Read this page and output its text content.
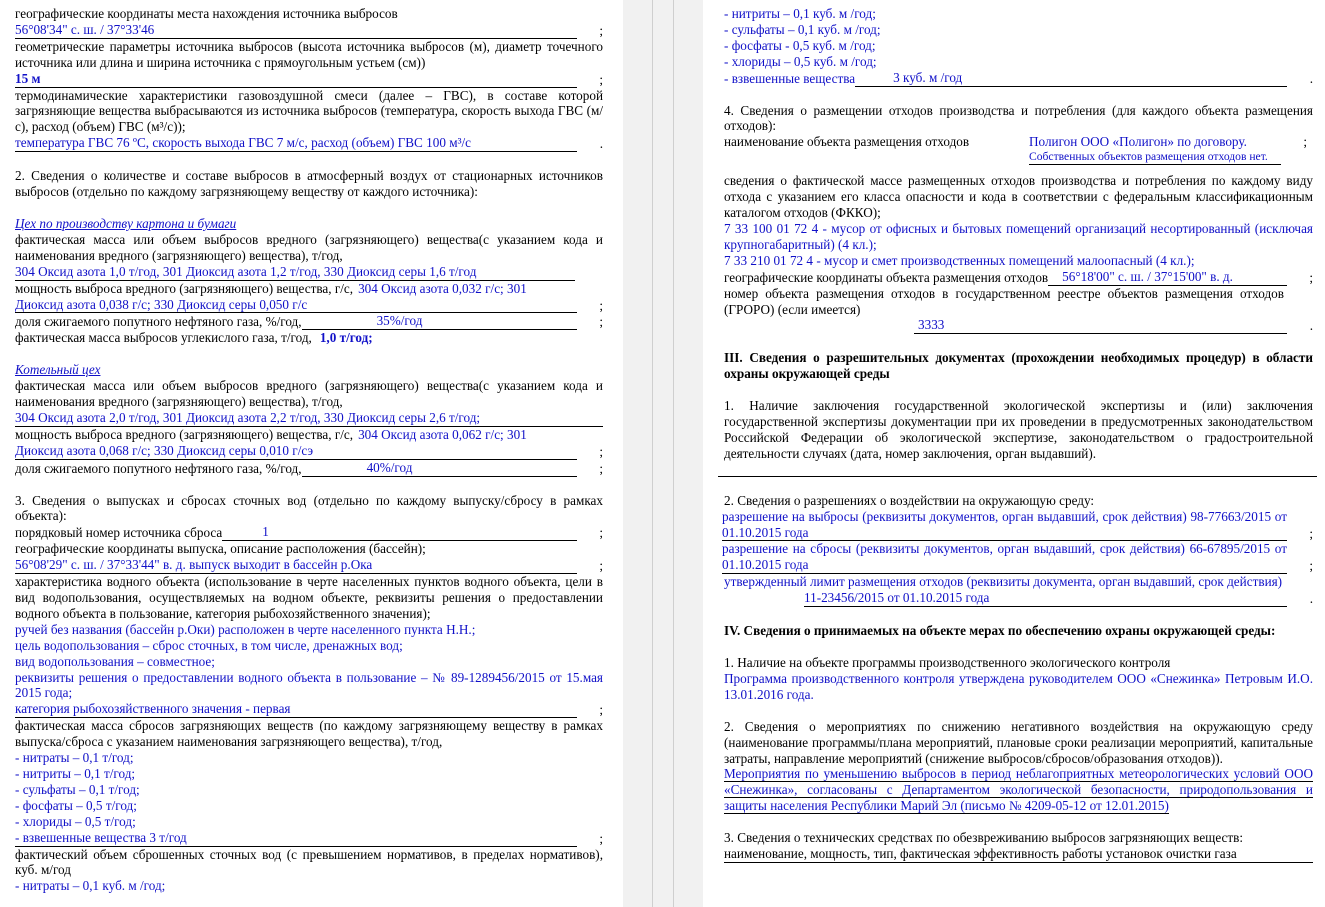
географические координаты места нахождения источника выбросов

56°08'34" с. ш. / 37°33'46	;

геометрические параметры источника выбросов (высота источника выбросов (м), диаметр точечного источника или длина и ширина источника с прямоугольным устьем (см))

15 м	;

термодинамические характеристики газовоздушной смеси (далее – ГВС), в составе которой загрязняющие вещества выбрасываются из источника выбросов (температура, скорость выхода ГВС (м/с), расход (объем) ГВС (м³/с));

температура ГВС 76 ºС, скорость выхода ГВС 7 м/с, расход (объем) ГВС 100 м³/с	.

2. Сведения о количестве и составе выбросов в атмосферный воздух от стационарных источников выбросов (отдельно по каждому загрязняющему веществу от каждого источника):

Цех по производству картона и бумаги

фактическая масса или объем выбросов вредного (загрязняющего) вещества(с указанием кода и наименования вредного (загрязняющего) вещества), т/год,

304 Оксид азота 1,0 т/год, 301 Диоксид азота 1,2 т/год, 330 Диоксид серы 1,6 т/год

мощность выброса вредного (загрязняющего) вещества, г/с, 304 Оксид азота 0,032 г/с; 301
Диоксид азота 0,038 г/с; 330 Диоксид серы 0,050 г/с	;
доля сжигаемого попутного нефтяного газа, %/год,	35%/год	;
фактическая масса выбросов углекислого газа, т/год, 1,0 т/год;

Котельный цех

фактическая масса или объем выбросов вредного (загрязняющего) вещества(с указанием кода и наименования вредного (загрязняющего) вещества), т/год,

304 Оксид азота 2,0 т/год, 301 Диоксид азота 2,2 т/год, 330 Диоксид серы 2,6 т/год;

мощность выброса вредного (загрязняющего) вещества, г/с, 304 Оксид азота 0,062 г/с; 301
Диоксид азота 0,068 г/с; 330 Диоксид серы 0,010 г/сэ	;
доля сжигаемого попутного нефтяного газа, %/год,	40%/год	;

3. Сведения о выпусках и сбросах сточных вод (отдельно по каждому выпуску/сбросу в рамках объекта):

порядковый номер источника сброса	1	;

географические координаты выпуска, описание расположения (бассейн);

56°08'29" с. ш. / 37°33'44" в. д. выпуск выходит в бассейн р.Ока	;

характеристика водного объекта (использование в черте населенных пунктов водного объекта, цели в вид водопользования, осуществляемых на водном объекте, реквизиты решения о предоставлении водного объекта в пользование, категория рыбохозяйственного значения);

ручей без названия (бассейн р.Оки) расположен в черте населенного пункта Н.Н.;

цель водопользования – сброс сточных, в том числе, дренажных вод;

вид водопользования – совместное;

реквизиты решения о предоставлении водного объекта в пользование – № 89-1289456/2015 от 15.мая 2015 года;

категория рыбохозяйственного значения - первая	;

фактическая масса сбросов загрязняющих веществ (по каждому загрязняющему веществу в рамках выпуска/сброса с указанием наименования загрязняющего вещества), т/год,

- нитраты – 0,1 т/год;

- нитриты – 0,1 т/год;

- сульфаты – 0,1 т/год;

- фосфаты – 0,5 т/год;

- хлориды – 0,5 т/год;

- взвешенные вещества 3 т/год	;

фактический объем сброшенных сточных вод (с превышением нормативов, в пределах нормативов), куб. м/год

- нитраты – 0,1 куб. м /год;

- нитриты – 0,1 куб. м /год;

- сульфаты – 0,1 куб. м /год;

- фосфаты - 0,5 куб. м /год;

- хлориды – 0,5 куб. м /год;

- взвешенные вещества	3 куб. м /год	.

4. Сведения о размещении отходов производства и потребления (для каждого объекта размещения отходов):

наименование объекта размещения отходов	Полигон ООО «Полигон» по договору.
Собственных объектов размещения отходов нет.
;

сведения о фактической массе размещенных отходов производства и потребления по каждому виду отхода с указанием его класса опасности и кода в соответствии с федеральным классификационным каталогом отходов (ФККО);

7 33 100 01 72 4 - мусор от офисных и бытовых помещений организаций несортированный (исключая крупногабаритный) (4 кл.);

7 33 210 01 72 4 - мусор и смет производственных помещений малоопасный (4 кл.);

географические координаты объекта размещения отходов	56°18'00" с. ш. / 37°15'00" в. д.	;

номер объекта размещения отходов в государственном реестре объектов размещения отходов (ГРОРО) (если имеется)

3333	.

III. Сведения о разрешительных документах (прохождении необходимых процедур) в области охраны окружающей среды

1. Наличие заключения государственной экологической экспертизы и (или) заключения государственной экспертизы документации при их проведении в предусмотренных законодательством Российской Федерации об экологической экспертизе, законодательством о градостроительной деятельности случаях (дата, номер заключения, орган выдавший).

2. Сведения о разрешениях о воздействии на окружающую среду:

разрешение на выбросы (реквизиты документов, орган выдавший, срок действия) 98-77663/2015 от 01.10.2015 года	;
разрешение на сбросы (реквизиты документов, орган выдавший, срок действия) 66-67895/2015 от 01.10.2015 года	;

утвержденный лимит размещения отходов (реквизиты документа, орган выдавший, срок действия)

11-23456/2015 от 01.10.2015 года	.

IV. Сведения о принимаемых на объекте мерах по обеспечению охраны окружающей среды:

1. Наличие на объекте программы производственного экологического контроля

Программа производственного контроля утверждена руководителем ООО «Снежинка» Петровым И.О. 13.01.2016 года.

2. Сведения о мероприятиях по снижению негативного воздействия на окружающую среду (наименование программы/плана мероприятий, плановые сроки реализации мероприятий, капитальные затраты, направление мероприятий (снижение выбросов/сбросов/образования отходов)).

Мероприятия по уменьшению выбросов в период неблагоприятных метеорологических условий ООО «Снежинка», согласованы с Департаментом экологической безопасности, природопользования и защиты населения Республики Марий Эл (письмо № 4209-05-12 от 12.01.2015)

3. Сведения о технических средствах по обезвреживанию выбросов загрязняющих веществ:

наименование, мощность, тип, фактическая эффективность работы установок очистки газа
